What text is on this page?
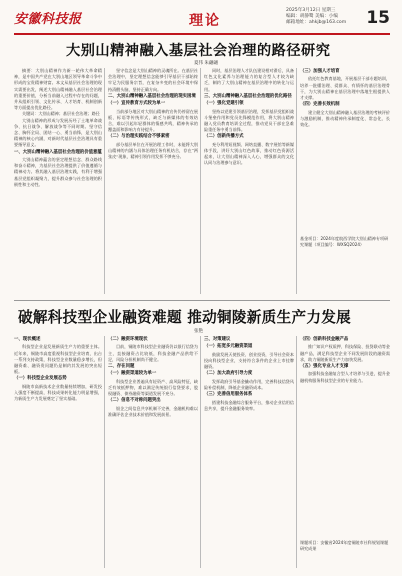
安徽科技报	理论
2025年3月12日 星期三
编辑：胡静鹭 美编：小编
邮箱地址：ahkjb@163.com	15
大别山精神融入基层社会治理的路径研究
夏伟 朱翩翩

摘要：大别山精神作为新一轮伟大革命精神，是中国共产党在大别山地区领导革命斗争中形成的宝贵精神财富。本文从基层社会治理的现实需要出发，阐述大别山精神融入基层社会治理的重要价值，分析当前融入过程中存在的问题，并从组织引领、文化传承、人才培育、机制创新等方面提出优化路径。

关键词：大别山精神；基层社会治理；路径

大别山精神的形成与发展历经了土地革命战争、抗日战争、解放战争等不同时期。坚守信念、胸怀全局、团结一心、勇当前锋，是大别山精神的核心内涵，对新时代基层社会治理具有重要指导意义。

一、大别山精神融入基层社会治理的价值意蕴

大别山精神蕴含的坚定理想信念、群众路线和奋斗精神，为基层社会治理提供了价值遵循与精神动力。将其融入基层治理实践，有利于增强基层党组织凝聚力，提升群众参与社会治理的积极性和主动性。

坚守信念是大别山精神的灵魂所在。在基层社会治理中，坚定理想信念能够引导基层干部始终牢记为民服务宗旨，在复杂多变的社会环境中保持清醒头脑，坚持正确方向。

二、大别山精神融入基层社会治理的现实困境
（一）宣传教育方式较为单一

当前部分地区对大别山精神的宣传仍停留在展板、标语等传统形式，缺乏与新媒体的有效结合，难以引起年轻群体的情感共鸣，精神传承的覆盖面和影响力有待提升。

（二）与治理实践结合不够紧密

部分基层单位在开展治理工作时，未能将大别山精神的内涵与具体治理任务有机结合，存在“两张皮”现象，精神引领作用发挥不够充分。

同时，基层治理人才队伍建设相对滞后，具备红色文化素养与治理能力的复合型人才较为缺乏，制约了大别山精神在基层治理中的转化与运用。

三、大别山精神融入基层社会治理的优化路径
（一）强化党建引领

坚持以党建引领基层治理，发挥基层党组织战斗堡垒作用和党员先锋模范作用，将大别山精神融入党员教育培训全过程，推动党员干部在急难险重任务中勇当前锋。

（二）创新传播方式

充分利用短视频、网络直播、数字展馆等新媒体手段，讲好大别山红色故事，推动红色资源活起来，让大别山精神深入人心，增强群众的文化认同与治理参与意识。

（三）加强人才培育

依托红色教育基地，开展基层干部专题培训，培养一批懂治理、爱群众、有情怀的基层治理骨干，为大别山精神在基层治理中落地生根提供人才支撑。

（四）完善长效机制

建立健全大别山精神融入基层治理的考核评价与激励机制，推动精神传承制度化、常态化、长效化。

基金项目：2024年度皖西学院大别山精神专项研究课题（项目编号：WXSQ2024）
破解科技型企业融资难题 推动铜陵新质生产力发展
张艳
一、现状概述

科技型企业是发展新质生产力的重要主体。近年来，铜陵市高度重视科技型企业培育，出台一系列支持政策，科技型企业数量稳步增长，但融资难、融资贵问题仍是制约其发展的突出短板。

（一）科技型企业发展态势

铜陵市高新技术企业数量持续增加，研发投入强度不断提高，科技成果转化能力明显增强，为新质生产力发展奠定了坚实基础。

（二）融资环境现状

目前，铜陵市科技型企业融资仍以银行信贷为主，直接融资占比较低，科技金融产品供给不足，风险分担机制尚不健全。

二、存在问题
（一）融资渠道较为单一

科技型企业普遍具有轻资产、高风险特征，缺乏有效抵押物，难以满足传统银行信贷要求，股权融资、债券融资等渠道发展不充分。

（二）信息不对称问题突出

银企之间信息共享机制不完善，金融机构难以准确评估企业技术价值和发展前景。

三、对策建议
（一）拓宽多元融资渠道

鼓励发展天使投资、创业投资，引导社会资本投向科技型企业，支持符合条件的企业上市挂牌融资。

（二）加大政府引导力度

发挥政府引导基金撬动作用，完善科技信贷风险补偿机制，降低企业融资成本。

（三）完善信用服务体系

搭建科技金融综合服务平台，推动企业信用信息共享，提升金融服务效率。

（四）创新科技金融产品

推广知识产权质押、科技保险、投贷联动等金融产品，满足科技型企业不同发展阶段的融资需求，助力铜陵新质生产力加快发展。

（五）强化专业人才支撑

加强科技金融复合型人才培养与引进，提升金融机构服务科技型企业的专业能力。

课题项目：安徽省2024年度铜陵市社科规划课题研究成果
